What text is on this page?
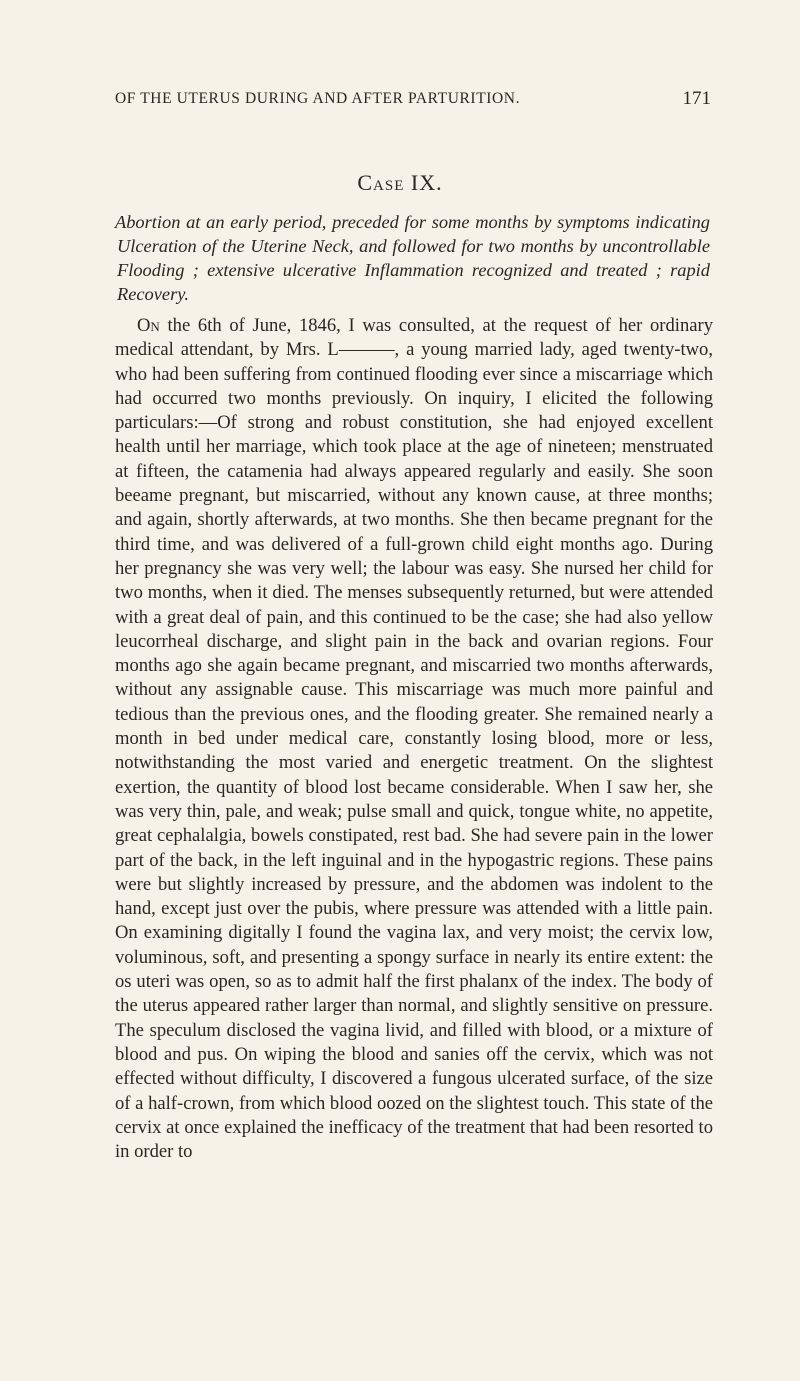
OF THE UTERUS DURING AND AFTER PARTURITION.	171
Case IX.

Abortion at an early period, preceded for some months by symptoms indicating Ulceration of the Uterine Neck, and followed for two months by uncontrollable Flooding ; extensive ulcerative Inflammation recognized and treated ; rapid Recovery.

On the 6th of June, 1846, I was consulted, at the request of her ordinary medical attendant, by Mrs. L———, a young married lady, aged twenty-two, who had been suffering from continued flooding ever since a miscarriage which had occurred two months previously. On inquiry, I elicited the following particulars:—Of strong and robust constitution, she had enjoyed excellent health until her marriage, which took place at the age of nineteen; menstruated at fifteen, the catamenia had always appeared regularly and easily. She soon beeame pregnant, but miscarried, without any known cause, at three months; and again, shortly afterwards, at two months. She then became pregnant for the third time, and was delivered of a full-grown child eight months ago. During her pregnancy she was very well; the labour was easy. She nursed her child for two months, when it died. The menses subsequently returned, but were attended with a great deal of pain, and this continued to be the case; she had also yellow leucorrheal discharge, and slight pain in the back and ovarian regions. Four months ago she again became pregnant, and miscarried two months afterwards, without any assignable cause. This miscarriage was much more painful and tedious than the previous ones, and the flooding greater. She remained nearly a month in bed under medical care, constantly losing blood, more or less, notwithstanding the most varied and energetic treatment. On the slightest exertion, the quantity of blood lost became considerable. When I saw her, she was very thin, pale, and weak; pulse small and quick, tongue white, no appetite, great cephalalgia, bowels constipated, rest bad. She had severe pain in the lower part of the back, in the left inguinal and in the hypogastric regions. These pains were but slightly increased by pressure, and the abdomen was indolent to the hand, except just over the pubis, where pressure was attended with a little pain. On examining digitally I found the vagina lax, and very moist; the cervix low, voluminous, soft, and presenting a spongy surface in nearly its entire extent: the os uteri was open, so as to admit half the first phalanx of the index. The body of the uterus appeared rather larger than normal, and slightly sensitive on pressure. The speculum disclosed the vagina livid, and filled with blood, or a mixture of blood and pus. On wiping the blood and sanies off the cervix, which was not effected without difficulty, I discovered a fungous ulcerated surface, of the size of a half-crown, from which blood oozed on the slightest touch. This state of the cervix at once explained the inefficacy of the treatment that had been resorted to in order to
